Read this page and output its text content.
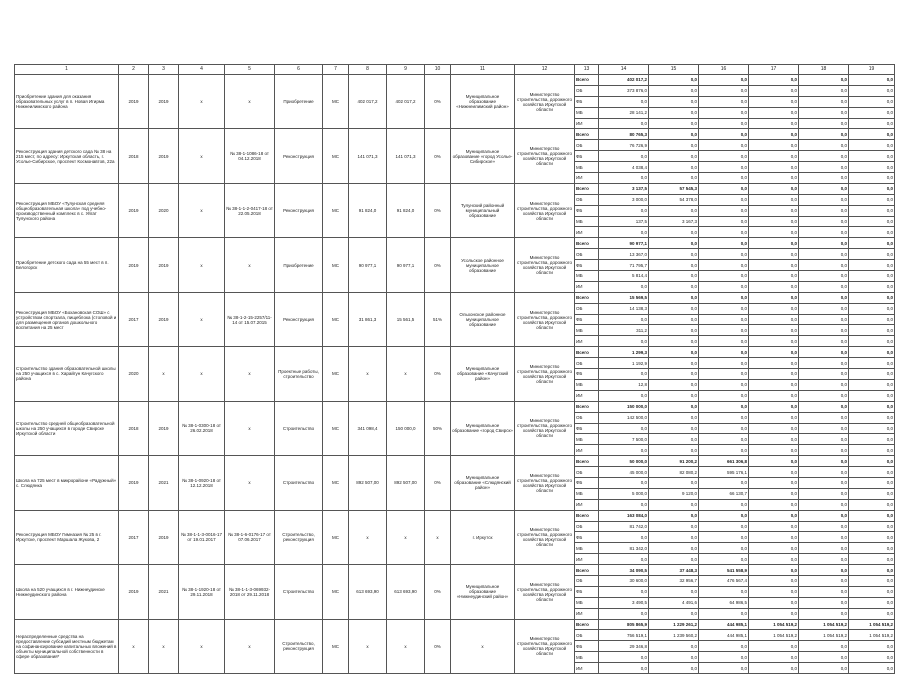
1	2	3	4	5	6	7	8	9	10	11	12	13	14	15	16	17	18	19
Приобретение здания для оказания образовательных услуг в п. Новая Игирма Нижнеилимского района	2019	2019	х	х	Приобретение	МС	402 017,2	402 017,2	0%	Муниципальное образование «Нижнеилимский район»	Министерство строительства, дорожного хозяйства Иркутской области	Всего	402 017,2	0,0	0,0	0,0	0,0	0,0
												ОБ	373 876,0	0,0	0,0	0,0	0,0	0,0
												ФБ	0,0	0,0	0,0	0,0	0,0	0,0
												МБ	28 141,2	0,0	0,0	0,0	0,0	0,0
												ИИ	0,0	0,0	0,0	0,0	0,0	0,0
Реконструкция здания детского сада № 38 на 215 мест, по адресу: Иркутская область, г. Усолье-Сибирское, проспект Космонавтов, 22а	2018	2019	х	№ 38-1-1086-18 от 04.12.2018	Реконструкция	МС	141 071,3	141 071,3	0%	Муниципальное образование «город Усолье-Сибирское»	Министерство строительства, дорожного хозяйства Иркутской области	Всего	80 765,3	0,0	0,0	0,0	0,0	0,0
												ОБ	76 726,9	0,0	0,0	0,0	0,0	0,0
												ФБ	0,0	0,0	0,0	0,0	0,0	0,0
												МБ	4 038,4	0,0	0,0	0,0	0,0	0,0
												ИИ	0,0	0,0	0,0	0,0	0,0	0,0
Реконструкция МБОУ «Тулунская средняя общеобразовательная школа» под учебно-производственный комплекс в с. Уйгат Тулунского района	2019	2020	х	№ 38-1-1-2-0417-18 от 22.05.2018	Реконструкция	МС	91 824,0	91 824,0	0%	Тулунский районный муниципальный образование	Министерство строительства, дорожного хозяйства Иркутской области	Всего	3 137,5	57 545,3	0,0	0,0	0,0	0,0
												ОБ	3 000,0	54 378,0	0,0	0,0	0,0	0,0
												ФБ	0,0	0,0	0,0	0,0	0,0	0,0
												МБ	137,5	3 167,3	0,0	0,0	0,0	0,0
												ИИ	0,0	0,0	0,0	0,0	0,0	0,0
Приобретение детского сада на 55 мест в п. Белогорск	2019	2019	х	х	Приобретение	МС	90 977,1	90 977,1	0%	Усольское районное муниципальное образование	Министерство строительства, дорожного хозяйства Иркутской области	Всего	90 977,1	0,0	0,0	0,0	0,0	0,0
												ОБ	13 367,0	0,0	0,0	0,0	0,0	0,0
												ФБ	71 795,7	0,0	0,0	0,0	0,0	0,0
												МБ	5 814,4	0,0	0,0	0,0	0,0	0,0
												ИИ	0,0	0,0	0,0	0,0	0,0	0,0
Реконструкция МБОУ «Бохановская СОШ» с устройством спортзала, пищеблока (столовой и для размещения органов дошкольного воспитания на 25 мест	2017	2019	х	№ 38-1-2-15-2257/11-14 от 15.07.2015	Реконструкция	МС	31 861,3	15 561,5	51%	Ольхонское районное муниципальное образование	Министерство строительства, дорожного хозяйства Иркутской области	Всего	15 569,5	0,0	0,0	0,0	0,0	0,0
												ОБ	14 138,3	0,0	0,0	0,0	0,0	0,0
												ФБ	0,0	0,0	0,0	0,0	0,0	0,0
												МБ	311,2	0,0	0,0	0,0	0,0	0,0
												ИИ	0,0	0,0	0,0	0,0	0,0	0,0
Строительство здания образовательной школы на 250 учащихся в с. Харайгун Качугского района	2020	х	х	х	Проектные работы, строительство	МС	х	х	0%	Муниципальное образование «Качугский район»	Министерство строительства, дорожного хозяйства Иркутской области	Всего	1 299,3	0,0	0,0	0,0	0,0	0,0
												ОБ	1 192,9	0,0	0,0	0,0	0,0	0,0
												ФБ	0,0	0,0	0,0	0,0	0,0	0,0
												МБ	12,8	0,0	0,0	0,0	0,0	0,0
												ИИ	0,0	0,0	0,0	0,0	0,0	0,0
Строительство средней общеобразовательной школы на 250 учащихся в городе Свирске Иркутской области	2018	2019	№ 38-1-0300-18 от 26.02.2018	х	Строительство	МС	341 098,4	150 000,0	50%	Муниципальное образование «город Свирск»	Министерство строительства, дорожного хозяйства Иркутской области	Всего	150 000,0	0,0	0,0	0,0	0,0	0,0
												ОБ	142 500,0	0,0	0,0	0,0	0,0	0,0
												ФБ	0,0	0,0	0,0	0,0	0,0	0,0
												МБ	7 500,0	0,0	0,0	0,0	0,0	0,0
												ИИ	0,0	0,0	0,0	0,0	0,0	0,0
Школа на 725 мест в микрорайоне «Радужный» с. Слюдянка	2019	2021	№ 38-1-0920-18 от 12.12.2018	х	Строительство	МС	892 507,00	892 507,00	0%	Муниципальное образование «Слюдянский район»	Министерство строительства, дорожного хозяйства Иркутской области	Всего	50 000,0	91 200,2	661 306,8	0,0	0,0	0,0
												ОБ	45 000,0	82 080,2	595 176,1	0,0	0,0	0,0
												ФБ	0,0	0,0	0,0	0,0	0,0	0,0
												МБ	5 000,0	9 120,0	66 130,7	0,0	0,0	0,0
												ИИ	0,0	0,0	0,0	0,0	0,0	0,0
Реконструкция МБОУ Гимназия № 25 в г. Иркутске, проспект Маршала Жукова, 2	2017	2019	№ 38-1-1-3-0016-17 от 19.01.2017	№ 38-1-6-0176-17 от 07.06.2017	Строительство, реконструкция	МС	х	х	х	г. Иркутск	Министерство строительства, дорожного хозяйства Иркутской области	Всего	163 084,0	0,0	0,0	0,0	0,0	0,0
												ОБ	81 742,0	0,0	0,0	0,0	0,0	0,0
												ФБ	0,0	0,0	0,0	0,0	0,0	0,0
												МБ	81 342,0	0,0	0,0	0,0	0,0	0,0
												ИИ	0,0	0,0	0,0	0,0	0,0	0,0
Школа на 520 учащихся в г. Нижнеудинске Нижнеудинского района	2019	2021	№ 38-1-1920-18 от 29.11.2018	№ 38-1-1-3-069932-2018 от 29.11.2018	Строительство	МС	613 693,90	613 693,90	0%	Муниципальное образование «Нижнеудинский район»	Министерство строительства, дорожного хозяйства Иркутской области	Всего	34 090,5	37 448,3	541 558,9	0,0	0,0	0,0
												ОБ	30 600,0	32 956,7	476 567,4	0,0	0,0	0,0
												ФБ	0,0	0,0	0,0	0,0	0,0	0,0
												МБ	3 490,5	4 491,6	64 986,5	0,0	0,0	0,0
												ИИ	0,0	0,0	0,0	0,0	0,0	0,0
Нераспределенные средства на предоставление субсидий местным бюджетам на софинансирование капитальных вложений в объекты муниципальной собственности в сфере образования*	х	х	х	х	Строительство, реконструкция	МС	х	х	0%	х	Министерство строительства, дорожного хозяйства Иркутской области	Всего	805 865,9	1 229 261,2	444 985,1	1 054 519,2	1 054 519,2	1 054 519,2
												ОБ	756 519,1	1 239 560,2	444 985,1	1 054 519,2	1 054 519,2	1 054 519,2
												ФБ	29 346,8	0,0	0,0	0,0	0,0	0,0
												МБ	0,0	0,0	0,0	0,0	0,0	0,0
												ИИ	0,0	0,0	0,0	0,0	0,0	0,0
